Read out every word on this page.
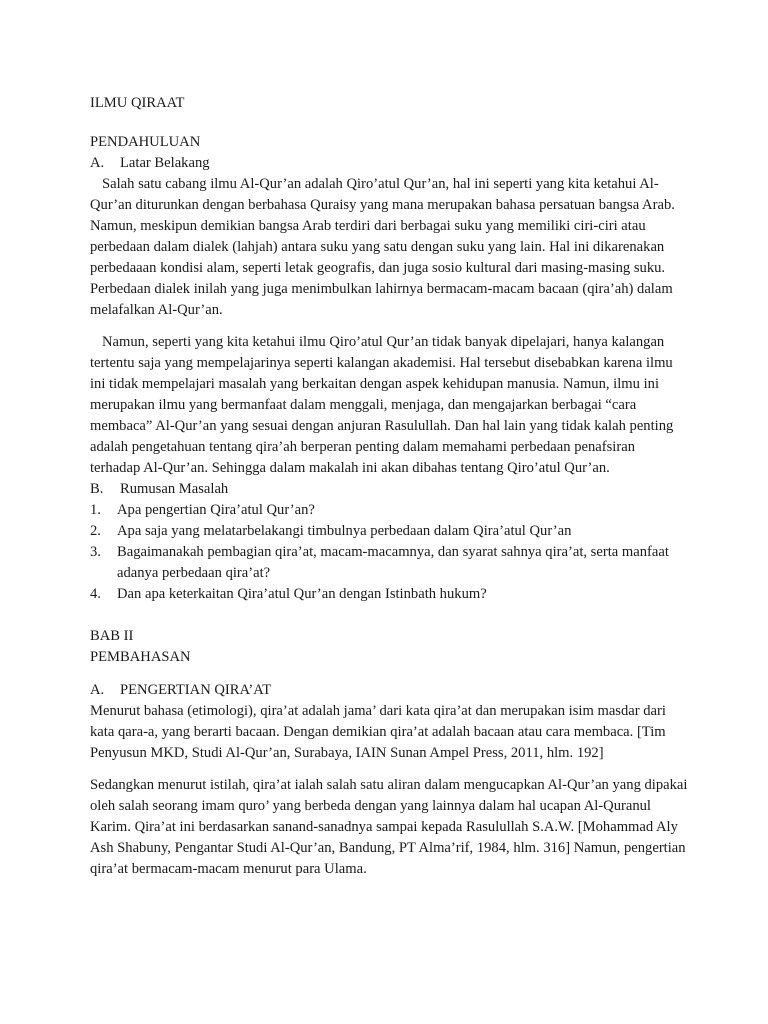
ILMU QIRAAT

PENDAHULUAN

A.	Latar Belakang

Salah satu cabang ilmu Al-Qur’an adalah Qiro’atul Qur’an, hal ini seperti yang kita ketahui Al-Qur’an diturunkan dengan berbahasa Quraisy yang mana merupakan bahasa persatuan bangsa Arab. Namun, meskipun demikian bangsa Arab terdiri dari berbagai suku yang memiliki ciri-ciri atau perbedaan dalam dialek (lahjah) antara suku yang satu dengan suku yang lain. Hal ini dikarenakan perbedaaan kondisi alam, seperti letak geografis, dan juga sosio kultural dari masing-masing suku. Perbedaan dialek inilah yang juga menimbulkan lahirnya bermacam-macam bacaan (qira’ah) dalam melafalkan Al-Qur’an.

Namun, seperti yang kita ketahui ilmu Qiro’atul Qur’an tidak banyak dipelajari, hanya kalangan tertentu saja yang mempelajarinya seperti kalangan akademisi. Hal tersebut disebabkan karena ilmu ini tidak mempelajari masalah yang berkaitan dengan aspek kehidupan manusia. Namun, ilmu ini merupakan ilmu yang bermanfaat dalam menggali, menjaga, dan mengajarkan berbagai “cara membaca” Al-Qur’an yang sesuai dengan anjuran Rasulullah. Dan hal lain yang tidak kalah penting adalah pengetahuan tentang qira’ah berperan penting dalam memahami perbedaan penafsiran terhadap Al-Qur’an. Sehingga dalam makalah ini akan dibahas tentang Qiro’atul Qur’an.

B.	Rumusan Masalah
1.	Apa pengertian Qira’atul Qur’an?
2.	Apa saja yang melatarbelakangi timbulnya perbedaan dalam Qira’atul Qur’an
3.	Bagaimanakah pembagian qira’at, macam-macamnya, dan syarat sahnya qira’at, serta manfaat adanya perbedaan qira’at?
4.	Dan apa keterkaitan Qira’atul Qur’an dengan Istinbath hukum?

BAB II

PEMBAHASAN

A.	PENGERTIAN QIRA’AT

Menurut bahasa (etimologi), qira’at adalah jama’ dari kata qira’at dan merupakan isim masdar dari kata qara-a, yang berarti bacaan. Dengan demikian qira’at adalah bacaan atau cara membaca. [Tim Penyusun MKD, Studi Al-Qur’an, Surabaya, IAIN Sunan Ampel Press, 2011, hlm. 192]

Sedangkan menurut istilah, qira’at ialah salah satu aliran dalam mengucapkan Al-Qur’an yang dipakai oleh salah seorang imam quro’ yang berbeda dengan yang lainnya dalam hal ucapan Al-Quranul Karim. Qira’at ini berdasarkan sanand-sanadnya sampai kepada Rasulullah S.A.W. [Mohammad Aly Ash Shabuny, Pengantar Studi Al-Qur’an, Bandung, PT Alma’rif, 1984, hlm. 316] Namun, pengertian qira’at bermacam-macam menurut para Ulama.
